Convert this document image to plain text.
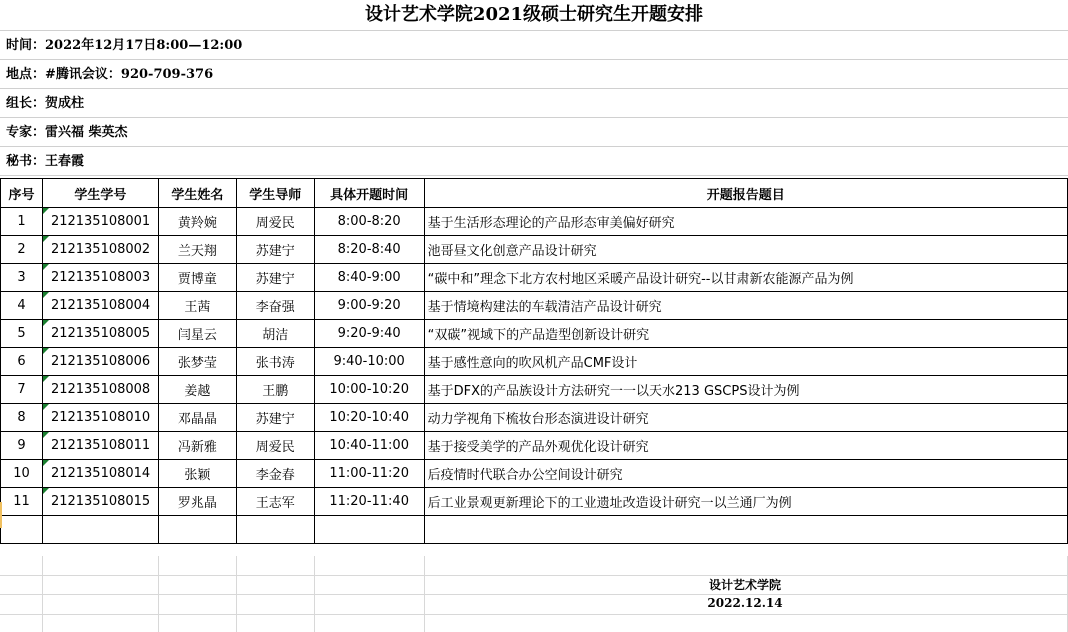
设计艺术学院2021级硕士研究生开题安排
时间：2022年12月17日8:00—12:00
地点：#腾讯会议：920-709-376
组长：贺成柱
专家：雷兴福 柴英杰
秘书：王春霞
序号	学生学号	学生姓名	学生导师	具体开题时间	开题报告题目
1	212135108001	黄羚婉	周爱民	8:00-8:20	基于生活形态理论的产品形态审美偏好研究
2	212135108002	兰天翔	苏建宁	8:20-8:40	池哥昼文化创意产品设计研究
3	212135108003	贾博童	苏建宁	8:40-9:00	“碳中和”理念下北方农村地区采暖产品设计研究--以甘肃新农能源产品为例
4	212135108004	王茜	李奋强	9:00-9:20	基于情境构建法的车载清洁产品设计研究
5	212135108005	闫星云	胡洁	9:20-9:40	“双碳”视域下的产品造型创新设计研究
6	212135108006	张梦莹	张书涛	9:40-10:00	基于感性意向的吹风机产品CMF设计
7	212135108008	姜越	王鹏	10:00-10:20	基于DFX的产品族设计方法研究一一以天水213 GSCPS设计为例
8	212135108010	邓晶晶	苏建宁	10:20-10:40	动力学视角下梳妆台形态演进设计研究
9	212135108011	冯新雅	周爱民	10:40-11:00	基于接受美学的产品外观优化设计研究
10	212135108014	张颖	李金春	11:00-11:20	后疫情时代联合办公空间设计研究
11	212135108015	罗兆晶	王志军	11:20-11:40	后工业景观更新理论下的工业遗址改造设计研究一以兰通厂为例

设计艺术学院
2022.12.14
